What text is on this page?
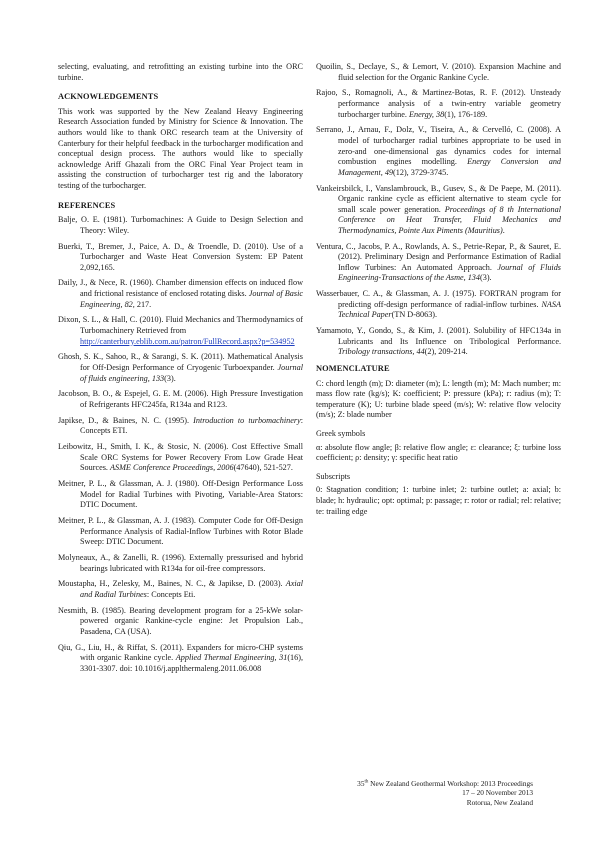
selecting, evaluating, and retrofitting an existing turbine into the ORC turbine.

ACKNOWLEDGEMENTS

This work was supported by the New Zealand Heavy Engineering Research Association funded by Ministry for Science & Innovation. The authors would like to thank ORC research team at the University of Canterbury for their helpful feedback in the turbocharger modification and conceptual design process. The authors would like to specially acknowledge Ariff Ghazali from the ORC Final Year Project team in assisting the construction of turbocharger test rig and the laboratory testing of the turbocharger.

REFERENCES

Balje, O. E. (1981). Turbomachines: A Guide to Design Selection and Theory: Wiley.

Buerki, T., Bremer, J., Paice, A. D., & Troendle, D. (2010). Use of a Turbocharger and Waste Heat Conversion System: EP Patent 2,092,165.

Daily, J., & Nece, R. (1960). Chamber dimension effects on induced flow and frictional resistance of enclosed rotating disks. Journal of Basic Engineering, 82, 217.

Dixon, S. L., & Hall, C. (2010). Fluid Mechanics and Thermodynamics of Turbomachinery Retrieved from
http://canterbury.eblib.com.au/patron/FullRecord.aspx?p=534952

Ghosh, S. K., Sahoo, R., & Sarangi, S. K. (2011). Mathematical Analysis for Off-Design Performance of Cryogenic Turboexpander. Journal of fluids engineering, 133(3).

Jacobson, B. O., & Espejel, G. E. M. (2006). High Pressure Investigation of Refrigerants HFC245fa, R134a and R123.

Japikse, D., & Baines, N. C. (1995). Introduction to turbomachinery: Concepts ETI.

Leibowitz, H., Smith, I. K., & Stosic, N. (2006). Cost Effective Small Scale ORC Systems for Power Recovery From Low Grade Heat Sources. ASME Conference Proceedings, 2006(47640), 521-527.

Meitner, P. L., & Glassman, A. J. (1980). Off-Design Performance Loss Model for Radial Turbines with Pivoting, Variable-Area Stators: DTIC Document.

Meitner, P. L., & Glassman, A. J. (1983). Computer Code for Off-Design Performance Analysis of Radial-Inflow Turbines with Rotor Blade Sweep: DTIC Document.

Molyneaux, A., & Zanelli, R. (1996). Externally pressurised and hybrid bearings lubricated with R134a for oil-free compressors.

Moustapha, H., Zelesky, M., Baines, N. C., & Japikse, D. (2003). Axial and Radial Turbines: Concepts Eti.

Nesmith, B. (1985). Bearing development program for a 25-kWe solar-powered organic Rankine-cycle engine: Jet Propulsion Lab., Pasadena, CA (USA).

Qiu, G., Liu, H., & Riffat, S. (2011). Expanders for micro-CHP systems with organic Rankine cycle. Applied Thermal Engineering, 31(16), 3301-3307. doi: 10.1016/j.applthermaleng.2011.06.008

Quoilin, S., Declaye, S., & Lemort, V. (2010). Expansion Machine and fluid selection for the Organic Rankine Cycle.

Rajoo, S., Romagnoli, A., & Martinez-Botas, R. F. (2012). Unsteady performance analysis of a twin-entry variable geometry turbocharger turbine. Energy, 38(1), 176-189.

Serrano, J., Arnau, F., Dolz, V., Tiseira, A., & Cervelló, C. (2008). A model of turbocharger radial turbines appropriate to be used in zero-and one-dimensional gas dynamics codes for internal combustion engines modelling. Energy Conversion and Management, 49(12), 3729-3745.

Vankeirsbilck, I., Vanslambrouck, B., Gusev, S., & De Paepe, M. (2011). Organic rankine cycle as efficient alternative to steam cycle for small scale power generation. Proceedings of 8 th International Conference on Heat Transfer, Fluid Mechanics and Thermodynamics, Pointe Aux Piments (Mauritius).

Ventura, C., Jacobs, P. A., Rowlands, A. S., Petrie-Repar, P., & Sauret, E. (2012). Preliminary Design and Performance Estimation of Radial Inflow Turbines: An Automated Approach. Journal of Fluids Engineering-Transactions of the Asme, 134(3).

Wasserbauer, C. A., & Glassman, A. J. (1975). FORTRAN program for predicting off-design performance of radial-inflow turbines. NASA Technical Paper(TN D-8063).

Yamamoto, Y., Gondo, S., & Kim, J. (2001). Solubility of HFC134a in Lubricants and Its Influence on Tribological Performance. Tribology transactions, 44(2), 209-214.

NOMENCLATURE

C: chord length (m); D: diameter (m); L: length (m); M: Mach number; m: mass flow rate (kg/s); K: coefficient; P: pressure (kPa); r: radius (m); T: temperature (K); U: turbine blade speed (m/s); W: relative flow velocity (m/s); Z: blade number

Greek symbols

α: absolute flow angle; β: relative flow angle; ε: clearance; ξ: turbine loss coefficient; ρ: density; γ: specific heat ratio

Subscripts

0: Stagnation condition; 1: turbine inlet; 2: turbine outlet; a: axial; b: blade; h: hydraulic; opt: optimal; p: passage; r: rotor or radial; rel: relative; te: trailing edge

35th New Zealand Geothermal Workshop: 2013 Proceedings
17 – 20 November 2013
Rotorua, New Zealand
